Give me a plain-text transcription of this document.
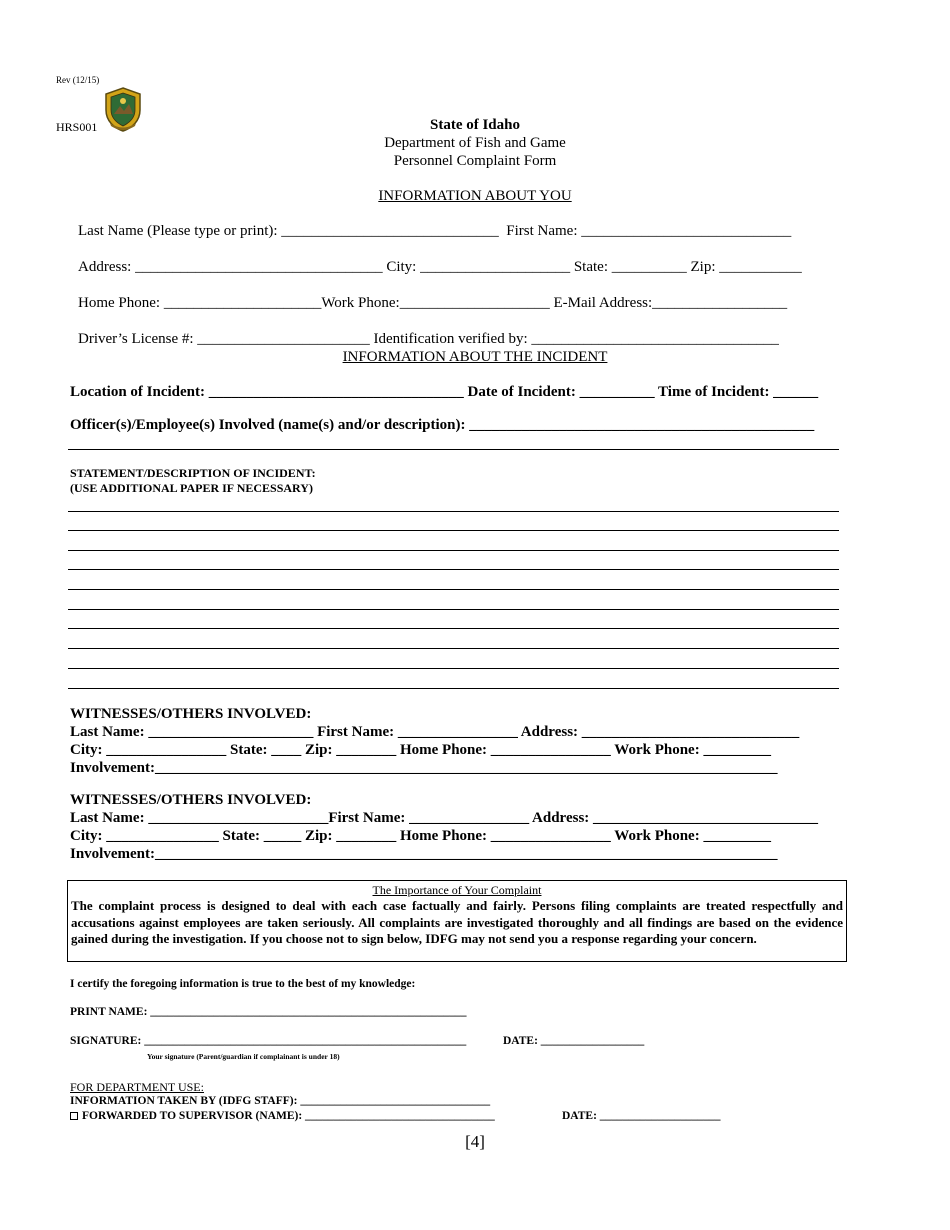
Rev (12/15)
HRS001	State of Idaho
Department of Fish and Game
Personnel Complaint Form
INFORMATION ABOUT YOU
Last Name (Please type or print): _____________________________  First Name: ____________________________
Address: _________________________________ City: ____________________ State: __________ Zip: ___________
Home Phone: _____________________Work Phone:____________________ E-Mail Address:__________________
Driver’s License #: _______________________ Identification verified by: _________________________________
INFORMATION ABOUT THE INCIDENT
Location of Incident: __________________________________ Date of Incident: __________ Time of Incident: ______
Officer(s)/Employee(s) Involved (name(s) and/or description): ______________________________________________
STATEMENT/DESCRIPTION OF INCIDENT:
(USE ADDITIONAL PAPER IF NECESSARY)
WITNESSES/OTHERS INVOLVED:
Last Name: ______________________ First Name: ________________ Address: _____________________________
City: ________________ State: ____ Zip: ________ Home Phone: ________________ Work Phone: _________
Involvement:___________________________________________________________________________________
WITNESSES/OTHERS INVOLVED:
Last Name: ________________________First Name: ________________ Address: ______________________________
City: _______________ State: _____ Zip: ________ Home Phone: ________________ Work Phone: _________
Involvement:___________________________________________________________________________________
The Importance of Your Complaint
The complaint process is designed to deal with each case factually and fairly. Persons filing complaints are treated respectfully and accusations against employees are taken seriously. All complaints are investigated thoroughly and all findings are based on the evidence gained during the investigation. If you choose not to sign below, IDFG may not send you a response regarding your concern.
I certify the foregoing information is true to the best of my knowledge:
PRINT NAME: _______________________________________________________
SIGNATURE: ________________________________________________________	DATE: __________________
Your signature (Parent/guardian if complainant is under 18)
FOR DEPARTMENT USE:
INFORMATION TAKEN BY (IDFG STAFF): _________________________________
FORWARDED TO SUPERVISOR (NAME): _________________________________	DATE: _____________________
[4]
